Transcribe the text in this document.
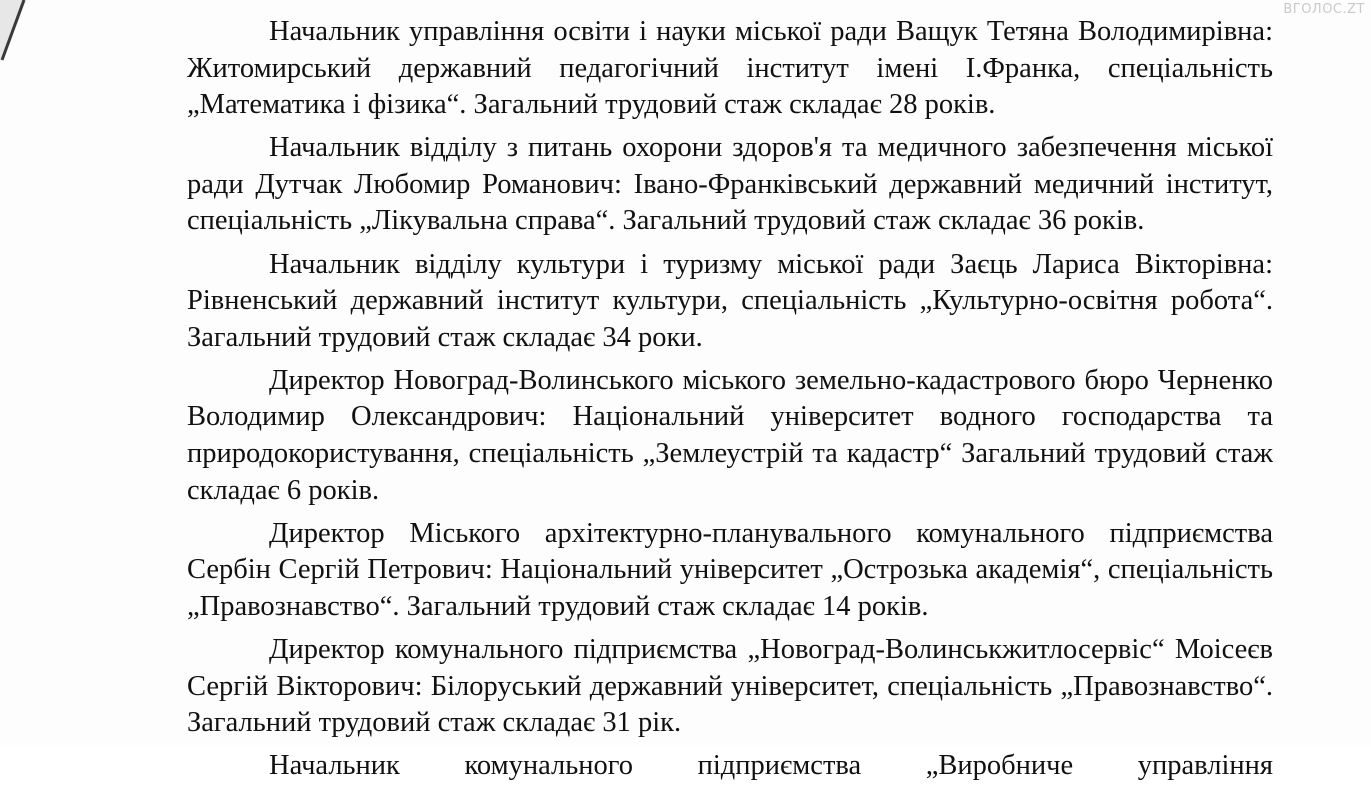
ВГОЛОС.ZT

Начальник управління освіти і науки міської ради Ващук Тетяна Володимирівна: Житомирський державний педагогічний інститут імені І.Франка, спеціальність „Математика і фізика“. Загальний трудовий стаж складає 28 років.

Начальник відділу з питань охорони здоров'я та медичного забезпечення міської ради Дутчак Любомир Романович: Івано-Франківський державний медичний інститут, спеціальність „Лікувальна справа“. Загальний трудовий стаж складає 36 років.

Начальник відділу культури і туризму міської ради Заєць Лариса Вікторівна: Рівненський державний інститут культури, спеціальність „Культурно-освітня робота“. Загальний трудовий стаж складає 34 роки.

Директор Новоград-Волинського міського земельно-кадастрового бюро Черненко Володимир Олександрович: Національний університет водного господарства та природокористування, спеціальність „Землеустрій та кадастр“ Загальний трудовий стаж складає 6 років.

Директор Міського архітектурно-планувального комунального підприємства Сербін Сергій Петрович: Національний університет „Острозька академія“, спеціальність „Правознавство“. Загальний трудовий стаж складає 14 років.

Директор комунального підприємства „Новоград-Волинськжитлосервіс“ Моісеєв Сергій Вікторович: Білоруський державний університет, спеціальність „Правознавство“. Загальний трудовий стаж складає 31 рік.

Начальник комунального підприємства „Виробниче управління
